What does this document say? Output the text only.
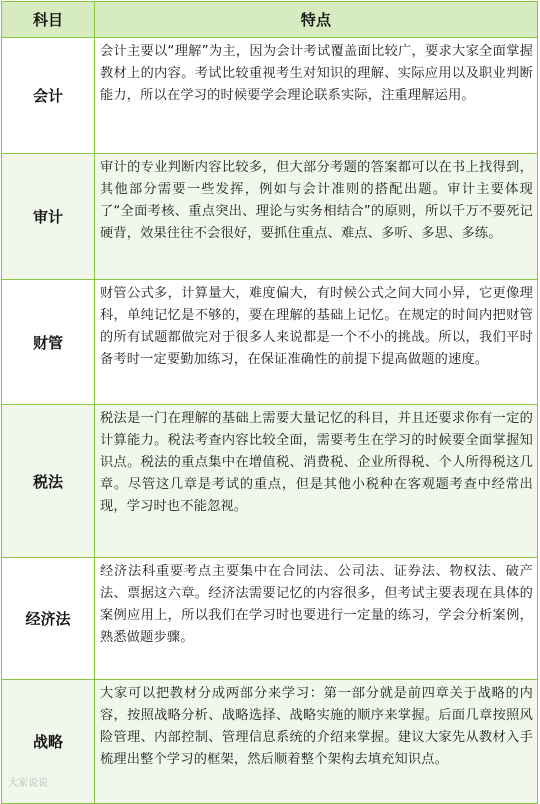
科目	特点
会计
会计主要以“理解”为主，因为会计考试覆盖面比较广，要求大家全面掌握教材上的内容。考试比较重视考生对知识的理解、实际应用以及职业判断能力，所以在学习的时候要学会理论联系实际，注重理解运用。
审计
审计的专业判断内容比较多，但大部分考题的答案都可以在书上找得到，其他部分需要一些发挥，例如与会计准则的搭配出题。审计主要体现了“全面考核、重点突出、理论与实务相结合”的原则，所以千万不要死记硬背，效果往往不会很好，要抓住重点、难点、多听、多思、多练。
财管
财管公式多，计算量大，难度偏大，有时候公式之间大同小异，它更像理科，单纯记忆是不够的，要在理解的基础上记忆。在规定的时间内把财管的所有试题都做完对于很多人来说都是一个不小的挑战。所以，我们平时备考时一定要勤加练习，在保证准确性的前提下提高做题的速度。
税法
税法是一门在理解的基础上需要大量记忆的科目，并且还要求你有一定的计算能力。税法考查内容比较全面，需要考生在学习的时候要全面掌握知识点。税法的重点集中在增值税、消费税、企业所得税、个人所得税这几章。尽管这几章是考试的重点，但是其他小税种在客观题考查中经常出现，学习时也不能忽视。
经济法
经济法科重要考点主要集中在合同法、公司法、证券法、物权法、破产法、票据这六章。经济法需要记忆的内容很多，但考试主要表现在具体的案例应用上，所以我们在学习时也要进行一定量的练习，学会分析案例，熟悉做题步骤。
战略
大家可以把教材分成两部分来学习：第一部分就是前四章关于战略的内容，按照战略分析、战略选择、战略实施的顺序来掌握。后面几章按照风险管理、内部控制、管理信息系统的介绍来掌握。建议大家先从教材入手梳理出整个学习的框架，然后顺着整个架构去填充知识点。
大家说说
